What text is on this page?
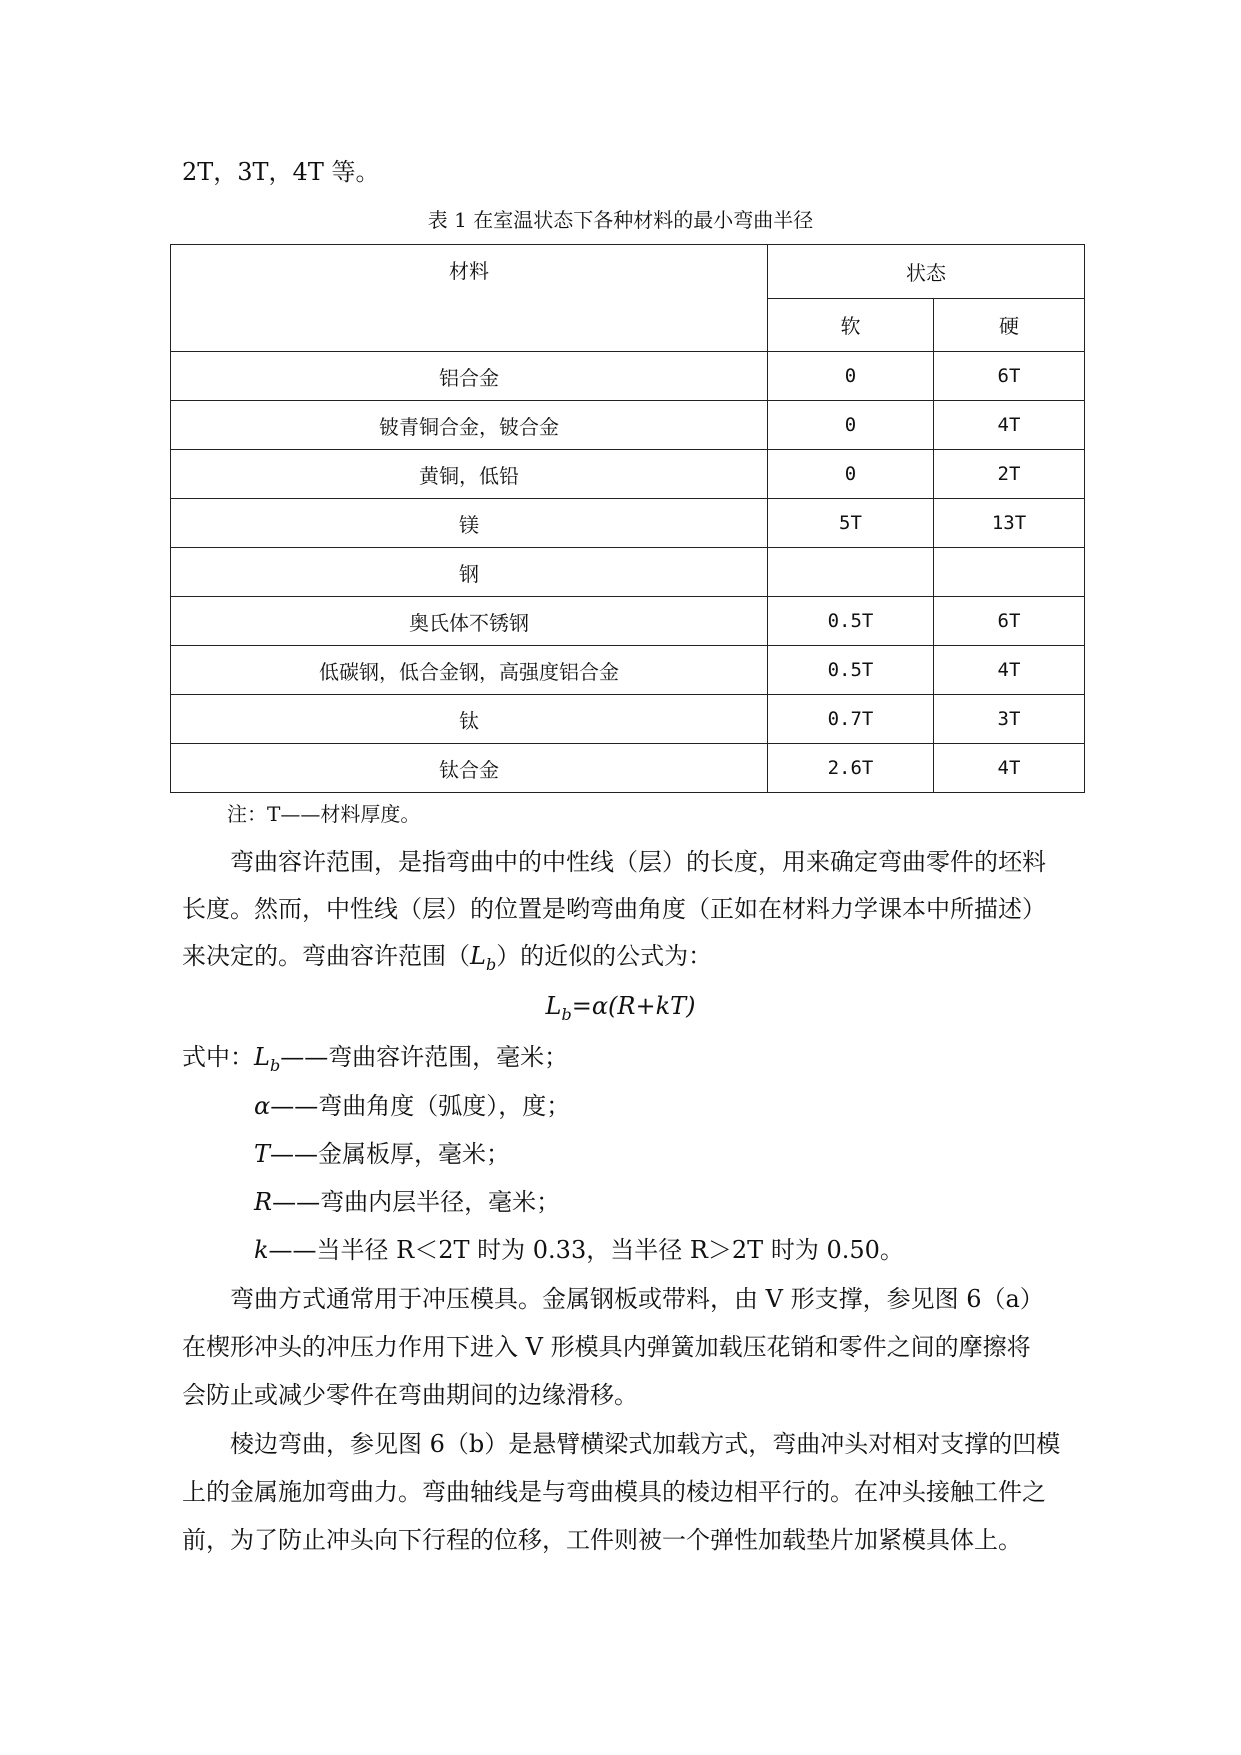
2T，3T，4T 等。
表 1 在室温状态下各种材料的最小弯曲半径
材料	状态	
	软	硬
铝合金	0	6T
铍青铜合金，铍合金	0	4T
黄铜，低铅	0	2T
镁	5T	13T
钢		
奥氏体不锈钢	0.5T	6T
低碳钢，低合金钢，高强度铝合金	0.5T	4T
钛	0.7T	3T
钛合金	2.6T	4T
注：T——材料厚度。
弯曲容许范围，是指弯曲中的中性线（层）的长度，用来确定弯曲零件的坯料
长度。然而，中性线（层）的位置是哟弯曲角度（正如在材料力学课本中所描述）
来决定的。弯曲容许范围$(L_b)$的近似的公式为：
$L_b=\alpha(R+kT)$
式中：$L_b——$弯曲容许范围，毫米；
α——弯曲角度（弧度），度；
T——金属板厚，毫米；
R——弯曲内层半径，毫米；
k——当半径 R＜2T 时为 0.33，当半径 R＞2T 时为 0.50。
弯曲方式通常用于冲压模具。金属钢板或带料，由 V 形支撑，参见图 6（a）
在楔形冲头的冲压力作用下进入 V 形模具内弹簧加载压花销和零件之间的摩擦将
会防止或减少零件在弯曲期间的边缘滑移。
棱边弯曲，参见图 6（b）是悬臂横梁式加载方式，弯曲冲头对相对支撑的凹模
上的金属施加弯曲力。弯曲轴线是与弯曲模具的棱边相平行的。在冲头接触工件之
前，为了防止冲头向下行程的位移，工件则被一个弹性加载垫片加紧模具体上。
